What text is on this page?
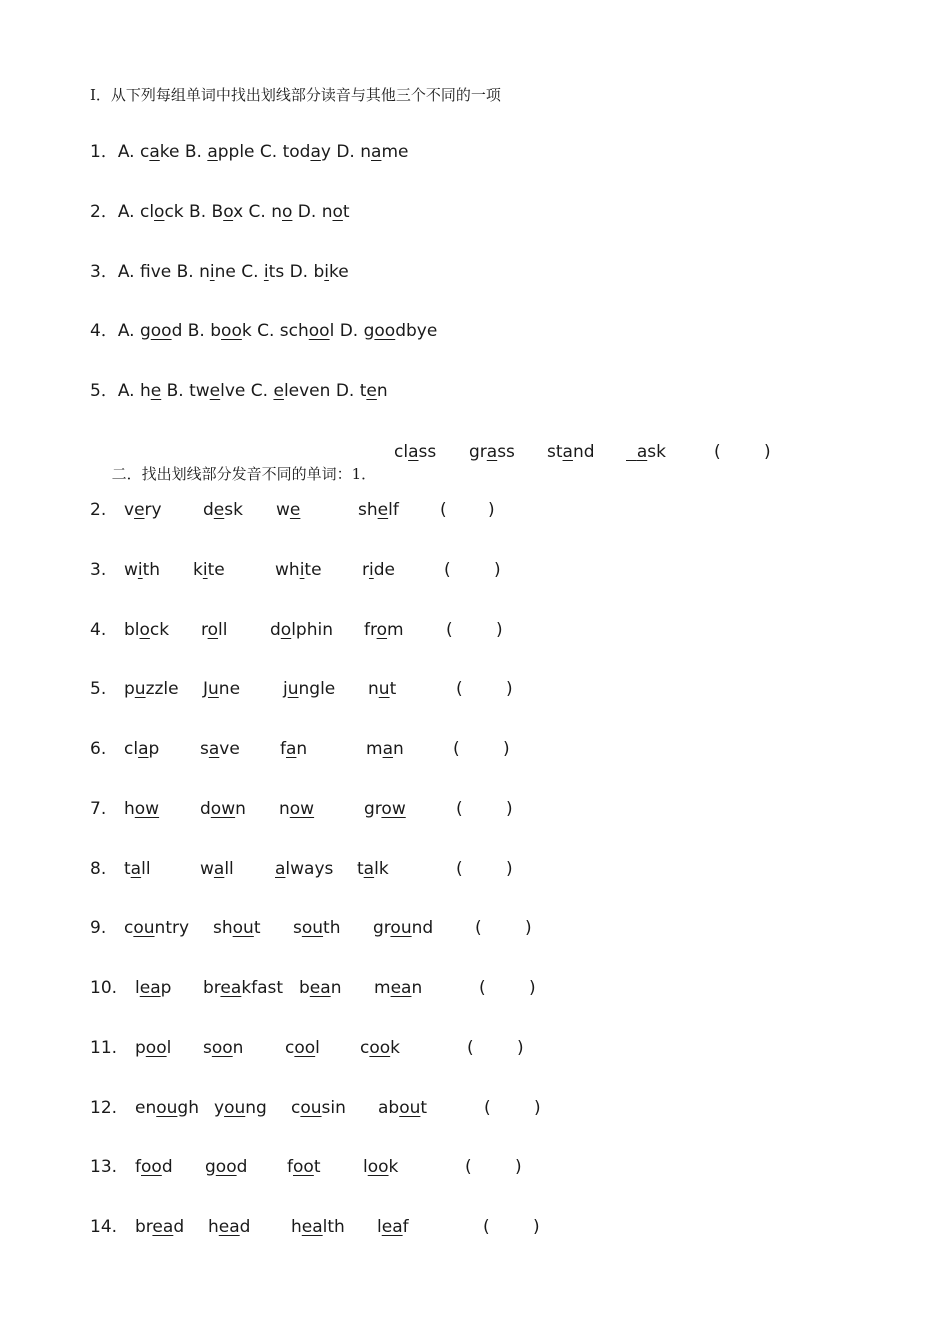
Ⅰ．从下列每组单词中找出划线部分读音与其他三个不同的一项
1．A. cake B. apple C. today D. name
2．A. clock B. Box C. no D. not
3．A. fve B. nine C. its D. bike
4．A. good B. book C. school D. goodbye
5．A. he B. twelve C. eleven D. ten

二．找出划线部分发音不同的单词：1．

class grass stand	ask	(	)
2. very desk we	shelf ( )
3. with kite	white ride	(	)
4. block roll	dolphin from (	)
5. puzzle June	jungle nut	(	)
6. clap save fan	man	(	)
7. how down now	grow	(	)
8. tall	wall always talk	(	)
9. country shout south ground (	)
10. leap breakfast bean mean	(	)
11. pool soon cool cook	(	)
12. enough young cousin about	(	)
13. food good foot	look	(	)
14. bread head health leaf	(	)
